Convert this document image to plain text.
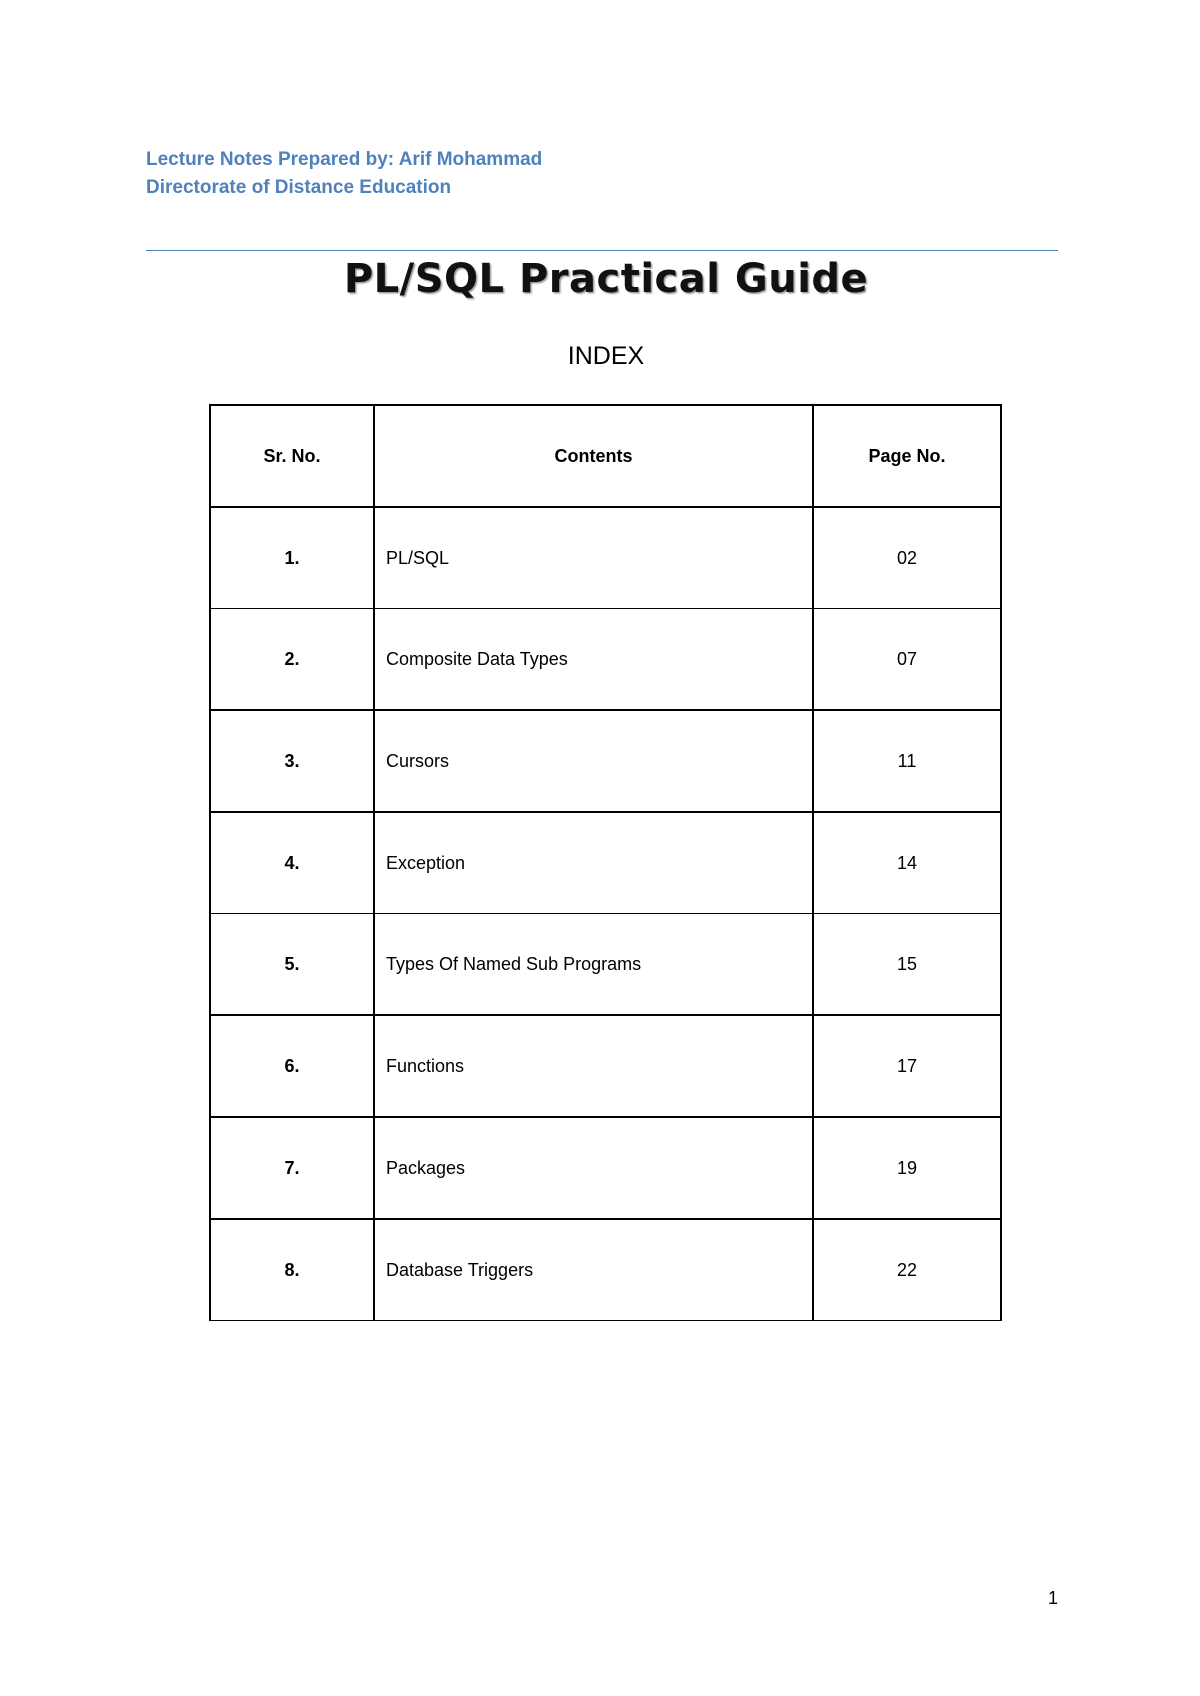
Lecture Notes Prepared by: Arif Mohammad
Directorate of Distance Education
PL/SQL Practical Guide
INDEX
Sr. No.	Contents	Page No.
1.	PL/SQL	02
2.	Composite Data Types	07
3.	Cursors	11
4.	Exception	14
5.	Types Of Named Sub Programs	15
6.	Functions	17
7.	Packages	19
8.	Database Triggers	22
1
